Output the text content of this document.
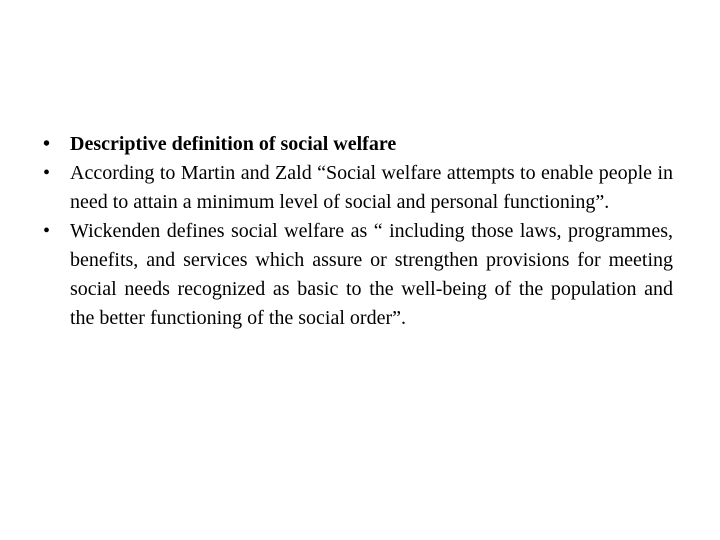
• Descriptive definition of social welfare
• According to Martin and Zald “Social welfare attempts to enable people in need to attain a minimum level of social and personal functioning”.
• Wickenden defines social welfare as “ including those laws, programmes, benefits, and services which assure or strengthen provisions for meeting social needs recognized as basic to the well-being of the population and the better functioning of the social order”.
